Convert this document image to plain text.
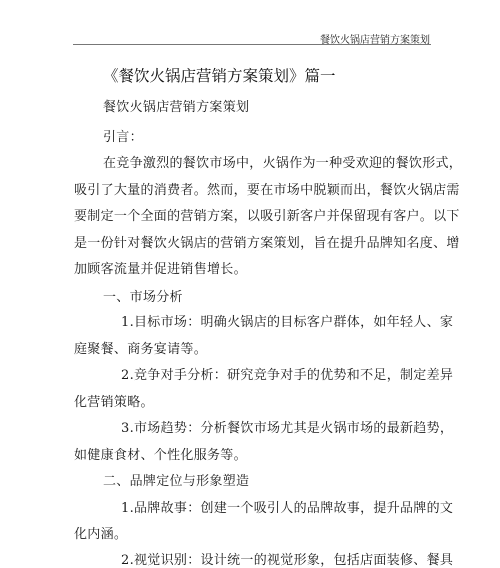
餐饮火锅店营销方案策划
《餐饮火锅店营销方案策划》篇一
餐饮火锅店营销方案策划
引言：
在竞争激烈的餐饮市场中，火锅作为一种受欢迎的餐饮形式，
吸引了大量的消费者。然而，要在市场中脱颖而出，餐饮火锅店需
要制定一个全面的营销方案，以吸引新客户并保留现有客户。以下
是一份针对餐饮火锅店的营销方案策划，旨在提升品牌知名度、增
加顾客流量并促进销售增长。
一、市场分析
1.目标市场：明确火锅店的目标客户群体，如年轻人、家
庭聚餐、商务宴请等。
2.竞争对手分析：研究竞争对手的优势和不足，制定差异
化营销策略。
3.市场趋势：分析餐饮市场尤其是火锅市场的最新趋势，
如健康食材、个性化服务等。
二、品牌定位与形象塑造
1.品牌故事：创建一个吸引人的品牌故事，提升品牌的文
化内涵。
2.视觉识别：设计统一的视觉形象，包括店面装修、餐具
